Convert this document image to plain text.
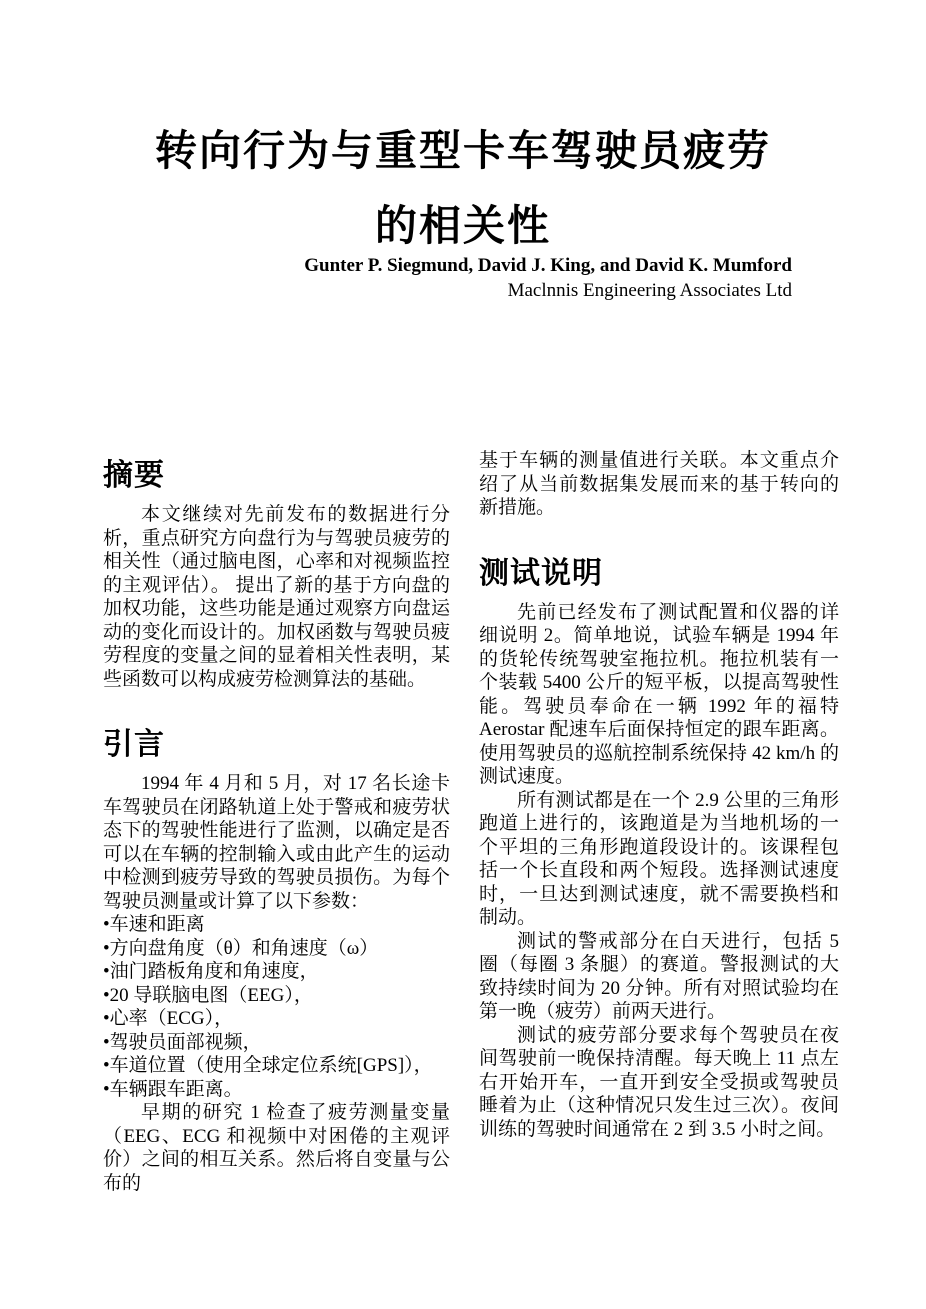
转向行为与重型卡车驾驶员疲劳
的相关性
Gunter P. Siegmund, David J. King, and David K. Mumford
Maclnnis Engineering Associates Ltd
摘要

本文继续对先前发布的数据进行分析，重点研究方向盘行为与驾驶员疲劳的相关性（通过脑电图，心率和对视频监控的主观评估）。 提出了新的基于方向盘的加权功能，这些功能是通过观察方向盘运动的变化而设计的。加权函数与驾驶员疲劳程度的变量之间的显着相关性表明，某些函数可以构成疲劳检测算法的基础。

引言

1994 年 4 月和 5 月，对 17 名长途卡车驾驶员在闭路轨道上处于警戒和疲劳状态下的驾驶性能进行了监测，以确定是否可以在车辆的控制输入或由此产生的运动中检测到疲劳导致的驾驶员损伤。为每个驾驶员测量或计算了以下参数：

•车速和距离
•方向盘角度（θ）和角速度（ω）
•油门踏板角度和角速度，
•20 导联脑电图（EEG），
•心率（ECG），
•驾驶员面部视频，
•车道位置（使用全球定位系统[GPS]），
•车辆跟车距离。

早期的研究 1 检查了疲劳测量变量（EEG、ECG 和视频中对困倦的主观评价）之间的相互关系。然后将自变量与公布的

基于车辆的测量值进行关联。本文重点介绍了从当前数据集发展而来的基于转向的新措施。

测试说明

先前已经发布了测试配置和仪器的详细说明 2。简单地说，试验车辆是 1994 年的货轮传统驾驶室拖拉机。拖拉机装有一个装载 5400 公斤的短平板，以提高驾驶性能。驾驶员奉命在一辆 1992 年的福特 Aerostar 配速车后面保持恒定的跟车距离。使用驾驶员的巡航控制系统保持 42 km/h 的测试速度。

所有测试都是在一个 2.9 公里的三角形跑道上进行的，该跑道是为当地机场的一个平坦的三角形跑道段设计的。该课程包括一个长直段和两个短段。选择测试速度时，一旦达到测试速度，就不需要换档和制动。

测试的警戒部分在白天进行，包括 5 圈（每圈 3 条腿）的赛道。警报测试的大致持续时间为 20 分钟。所有对照试验均在第一晚（疲劳）前两天进行。

测试的疲劳部分要求每个驾驶员在夜间驾驶前一晚保持清醒。每天晚上 11 点左右开始开车，一直开到安全受损或驾驶员睡着为止（这种情况只发生过三次）。夜间训练的驾驶时间通常在 2 到 3.5 小时之间。
